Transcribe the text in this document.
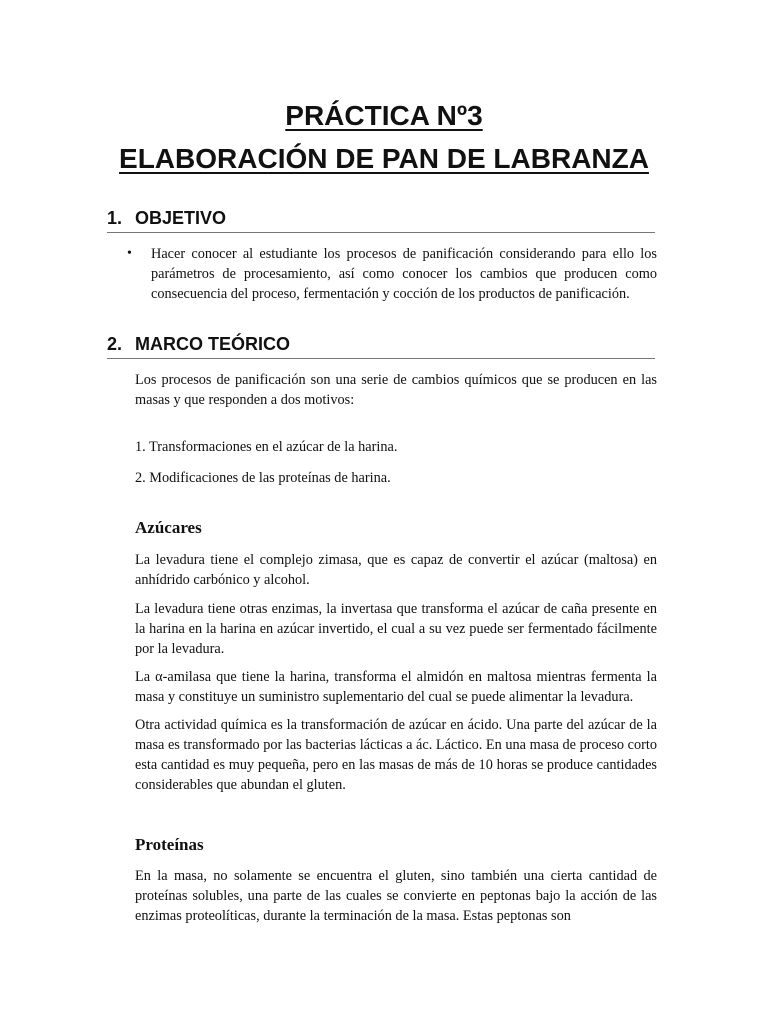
PRÁCTICA Nº3
ELABORACIÓN DE PAN DE LABRANZA
1. OBJETIVO
• Hacer conocer al estudiante los procesos de panificación considerando para ello los parámetros de procesamiento, así como conocer los cambios que producen como consecuencia del proceso, fermentación y cocción de los productos de panificación.

2. MARCO TEÓRICO

Los procesos de panificación son una serie de cambios químicos que se producen en las masas y que responden a dos motivos:

1. Transformaciones en el azúcar de la harina.

2. Modificaciones de las proteínas de harina.

Azúcares

La levadura tiene el complejo zimasa, que es capaz de convertir el azúcar (maltosa) en anhídrido carbónico y alcohol.

La levadura tiene otras enzimas, la invertasa que transforma el azúcar de caña presente en la harina en la harina en azúcar invertido, el cual a su vez puede ser fermentado fácilmente por la levadura.

La α-amilasa que tiene la harina, transforma el almidón en maltosa mientras fermenta la masa y constituye un suministro suplementario del cual se puede alimentar la levadura.

Otra actividad química es la transformación de azúcar en ácido. Una parte del azúcar de la masa es transformado por las bacterias lácticas a ác. Láctico. En una masa de proceso corto esta cantidad es muy pequeña, pero en las masas de más de 10 horas se produce cantidades considerables que abundan el gluten.

Proteínas

En la masa, no solamente se encuentra el gluten, sino también una cierta cantidad de proteínas solubles, una parte de las cuales se convierte en peptonas bajo la acción de las enzimas proteolíticas, durante la terminación de la masa. Estas peptonas son
